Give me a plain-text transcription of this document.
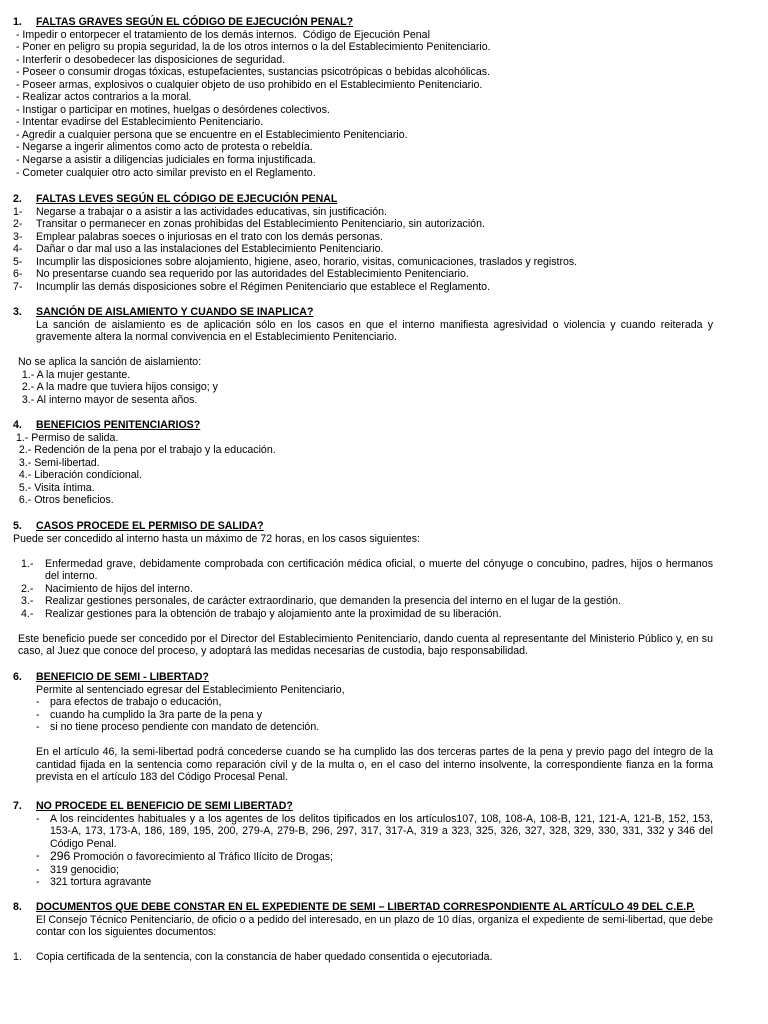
1. FALTAS GRAVES SEGÚN EL CÓDIGO DE EJECUCIÓN PENAL?
- Impedir o entorpecer el tratamiento de los demás internos.  Código de Ejecución Penal
- Poner en peligro su propia seguridad, la de los otros internos o la del Establecimiento Penitenciario.
- Interferir o desobedecer las disposiciones de seguridad.
- Poseer o consumir drogas tóxicas, estupefacientes, sustancias psicotrópicas o bebidas alcohólicas.
- Poseer armas, explosivos o cualquier objeto de uso prohibido en el Establecimiento Penitenciario.
- Realizar actos contrarios a la moral.
- Instigar o participar en motines, huelgas o desórdenes colectivos.
- Intentar evadirse del Establecimiento Penitenciario.
- Agredir a cualquier persona que se encuentre en el Establecimiento Penitenciario.
- Negarse a ingerir alimentos como acto de protesta o rebeldía.
- Negarse a asistir a diligencias judiciales en forma injustificada.
- Cometer cualquier otro acto similar previsto en el Reglamento.
2. FALTAS LEVES SEGÚN EL CÓDIGO DE EJECUCIÓN PENAL
1-	Negarse a trabajar o a asistir a las actividades educativas, sin justificación.
2-	Transitar o permanecer en zonas prohibidas del Establecimiento Penitenciario, sin autorización.
3-	Emplear palabras soeces o injuriosas en el trato con los demás personas.
4-	Dañar o dar mal uso a las instalaciones del Establecimiento Penitenciario.
5-	Incumplir las disposiciones sobre alojamiento, higiene, aseo, horario, visitas, comunicaciones, traslados y registros.
6-	No presentarse cuando sea requerido por las autoridades del Establecimiento Penitenciario.
7-	Incumplir las demás disposiciones sobre el Régimen Penitenciario que establece el Reglamento.
3. SANCIÓN DE AISLAMIENTO Y CUANDO SE INAPLICA?
La sanción de aislamiento es de aplicación sólo en los casos en que el interno manifiesta agresividad o violencia y cuando reiterada y gravemente altera la normal convivencia en el Establecimiento Penitenciario.
No se aplica la sanción de aislamiento:
1.- A la mujer gestante.
2.- A la madre que tuviera hijos consigo; y
3.- Al interno mayor de sesenta años.
4. BENEFICIOS PENITENCIARIOS?
1.- Permiso de salida.
2.- Redención de la pena por el trabajo y la educación.
3.- Semi-libertad.
4.- Liberación condicional.
5.- Visita íntima.
6.- Otros beneficios.
5. CASOS PROCEDE EL PERMISO DE SALIDA?
Puede ser concedido al interno hasta un máximo de 72 horas, en los casos siguientes:
1.-	Enfermedad grave, debidamente comprobada con certificación médica oficial, o muerte del cónyuge o concubino, padres, hijos o hermanos del interno.
2.-	Nacimiento de hijos del interno.
3.-	Realizar gestiones personales, de carácter extraordinario, que demanden la presencia del interno en el lugar de la gestión.
4.-	Realizar gestiones para la obtención de trabajo y alojamiento ante la proximidad de su liberación.
Este beneficio puede ser concedido por el Director del Establecimiento Penitenciario, dando cuenta al representante del Ministerio Público y, en su caso, al Juez que conoce del proceso, y adoptará las medidas necesarias de custodia, bajo responsabilidad.
6. BENEFICIO DE SEMI - LIBERTAD?
Permite al sentenciado egresar del Establecimiento Penitenciario,
- para efectos de trabajo o educación,
- cuando ha cumplido la 3ra parte de la pena y
- si no tiene proceso pendiente con mandato de detención.
En el artículo 46, la semi-libertad podrá concederse cuando se ha cumplido las dos terceras partes de la pena y previo pago del íntegro de la cantidad fijada en la sentencia como reparación civil y de la multa o, en el caso del interno insolvente, la correspondiente fianza en la forma prevista en el artículo 183 del Código Procesal Penal.
7. NO PROCEDE EL BENEFICIO DE SEMI LIBERTAD?
- A los reincidentes habituales y a los agentes de los delitos tipificados en los artículos107, 108, 108-A, 108-B, 121, 121-A, 121-B, 152, 153, 153-A, 173, 173-A, 186, 189, 195, 200, 279-A, 279-B, 296, 297, 317, 317-A, 319 a 323, 325, 326, 327, 328, 329, 330, 331, 332 y 346 del Código Penal.
- 296 Promoción o favorecimiento al Tráfico Ilícito de Drogas;
- 319 genocidio;
- 321 tortura agravante
8.	DOCUMENTOS QUE DEBE CONSTAR EN EL EXPEDIENTE DE SEMI – LIBERTAD CORRESPONDIENTE AL ARTÍCULO 49 DEL C.E.P.
El Consejo Técnico Penitenciario, de oficio o a pedido del interesado, en un plazo de 10 días, organiza el expediente de semi-libertad, que debe contar con los siguientes documentos:
1.	Copia certificada de la sentencia, con la constancia de haber quedado consentida o ejecutoriada.
